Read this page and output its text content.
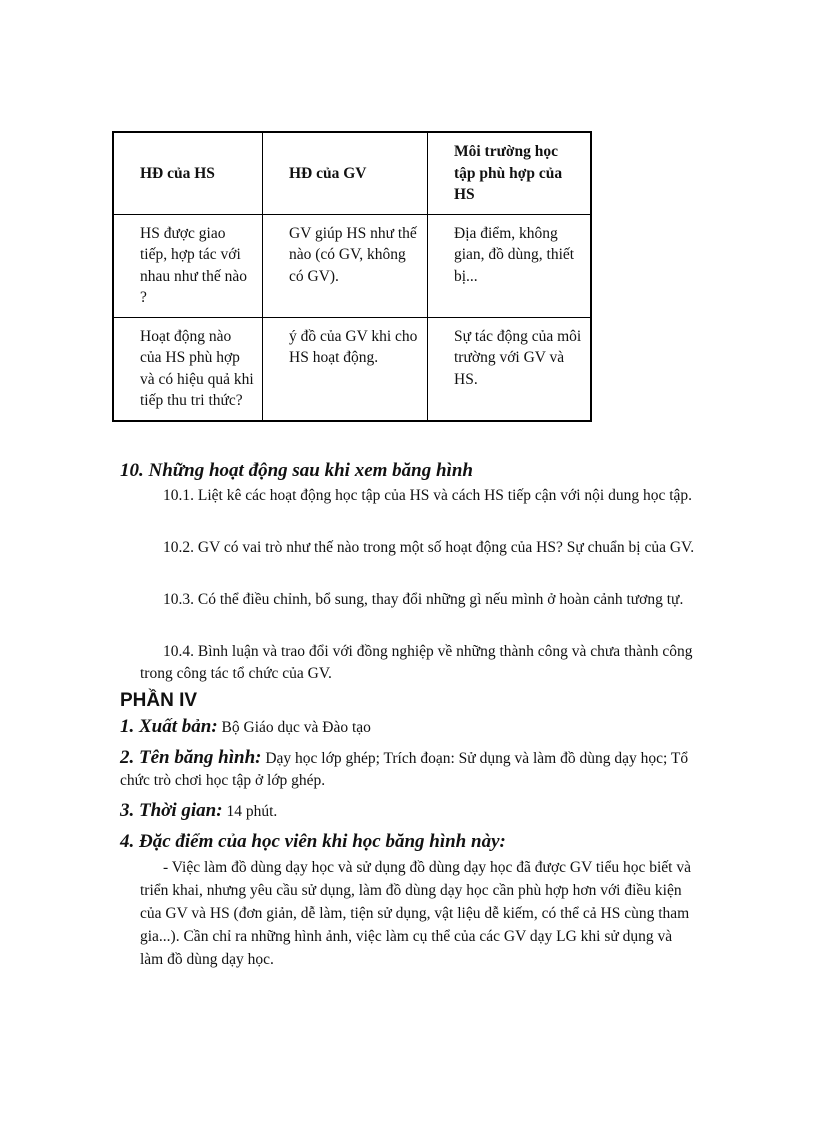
HĐ của HS	HĐ của GV	Môi trường học tập phù hợp của HS
HS được giao tiếp, hợp tác với nhau như thế nào ?	GV giúp HS như thế nào (có GV, không có GV).	Địa điểm, không gian, đồ dùng, thiết bị...
Hoạt động nào của HS phù hợp và có hiệu quả khi tiếp thu tri thức?	ý đồ của GV khi cho HS hoạt động.	Sự tác động của môi trường với GV và HS.
10. Những hoạt động sau khi xem băng hình

10.1. Liệt kê các hoạt động học tập của HS và cách HS tiếp cận với nội dung học tập.

10.2. GV có vai trò như thế nào trong một số hoạt động của HS? Sự chuẩn bị của GV.

10.3. Có thể điều chỉnh, bổ sung, thay đổi những gì nếu mình ở hoàn cảnh tương tự.

10.4. Bình luận và trao đổi với đồng nghiệp về những thành công và chưa thành công trong công tác tổ chức của GV.

PHẦN IV

1. Xuất bản: Bộ Giáo dục và Đào tạo

2. Tên băng hình: Dạy học lớp ghép; Trích đoạn: Sử dụng và làm đồ dùng dạy học; Tổ chức trò chơi học tập ở lớp ghép.

3. Thời gian: 14 phút.

4. Đặc điểm của học viên khi học băng hình này:

- Việc làm đồ dùng dạy học và sử dụng đồ dùng dạy học đã được GV tiểu học biết và triển khai, nhưng yêu cầu sử dụng, làm đồ dùng dạy học cần phù hợp hơn với điều kiện của GV và HS (đơn giản, dễ làm, tiện sử dụng, vật liệu dễ kiếm, có thể cả HS cùng tham gia...). Cần chỉ ra những hình ảnh, việc làm cụ thể của các GV dạy LG khi sử dụng và làm đồ dùng dạy học.
